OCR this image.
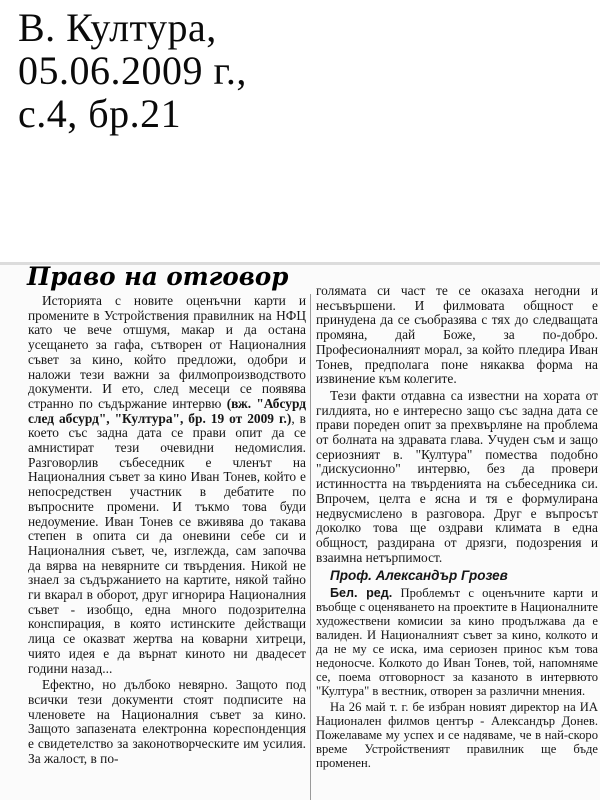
В. Култура,
05.06.2009 г.,
с.4, бр.21
Право на отговор

Историята с новите оценъчни карти и промените в Устройствения правилник на НФЦ като че вече отшумя, макар и да остана усещането за гафа, сътворен от Националния съвет за кино, който предложи, одобри и наложи тези важни за филмопроизводството документи. И ето, след месеци се появява странно по съдържание интервю (вж. "Абсурд след абсурд", "Култура", бр. 19 от 2009 г.), в което със задна дата се прави опит да се амнистират тези очевидни недомислия. Разговорлив събеседник е членът на Националния съвет за кино Иван Тонев, който е непосредствен участник в дебатите по въпросните промени. И тъкмо това буди недоумение. Иван Тонев се вживява до такава степен в опита си да оневини себе си и Националния съвет, че, изглежда, сам започва да вярва на невярните си твърдения. Никой не знаел за съдържанието на картите, някой тайно ги вкарал в оборот, друг игнорира Националния съвет - изобщо, една много подозрителна конспирация, в която истинските действащи лица се оказват жертва на коварни хитреци, чиято идея е да върнат киното ни двадесет години назад...

Ефектно, но дълбоко невярно. Защото под всички тези документи стоят подписите на членовете на Националния съвет за кино. Защото запазената електронна кореспонденция е свидетелство за законотворческите им усилия. За жалост, в по-

голямата си част те се оказаха негодни и несъвършени. И филмовата общност е принудена да се съобразява с тях до следващата промяна, дай Боже, за по-добро. Професионалният морал, за който пледира Иван Тонев, предполага поне някаква форма на извинение към колегите.

Тези факти отдавна са известни на хората от гилдията, но е интересно защо със задна дата се прави пореден опит за прехвърляне на проблема от болната на здравата глава. Учуден съм и защо сериозният в. "Култура" помества подобно "дискусионно" интервю, без да провери истинността на твърденията на събеседника си. Впрочем, целта е ясна и тя е формулирана недвусмислено в разговора. Друг е въпросът доколко това ще оздрави климата в една общност, раздирана от дрязги, подозрения и взаимна нетърпимост.

Проф. Александър Грозев

Бел. ред. Проблемът с оценъчните карти и въобще с оценяването на проектите в Националните художествени комисии за кино продължава да е валиден. И Националният съвет за кино, колкото и да не му се иска, има сериозен принос към това недоносче. Колкото до Иван Тонев, той, напомняме се, поема отговорност за казаното в интервюто "Култура" в вестник, отворен за различни мнения.

На 26 май т. г. бе избран новият директор на ИА Национален филмов център - Александър Донев. Пожелаваме му успех и се надяваме, че в най-скоро време Устройственият правилник ще бъде променен.
